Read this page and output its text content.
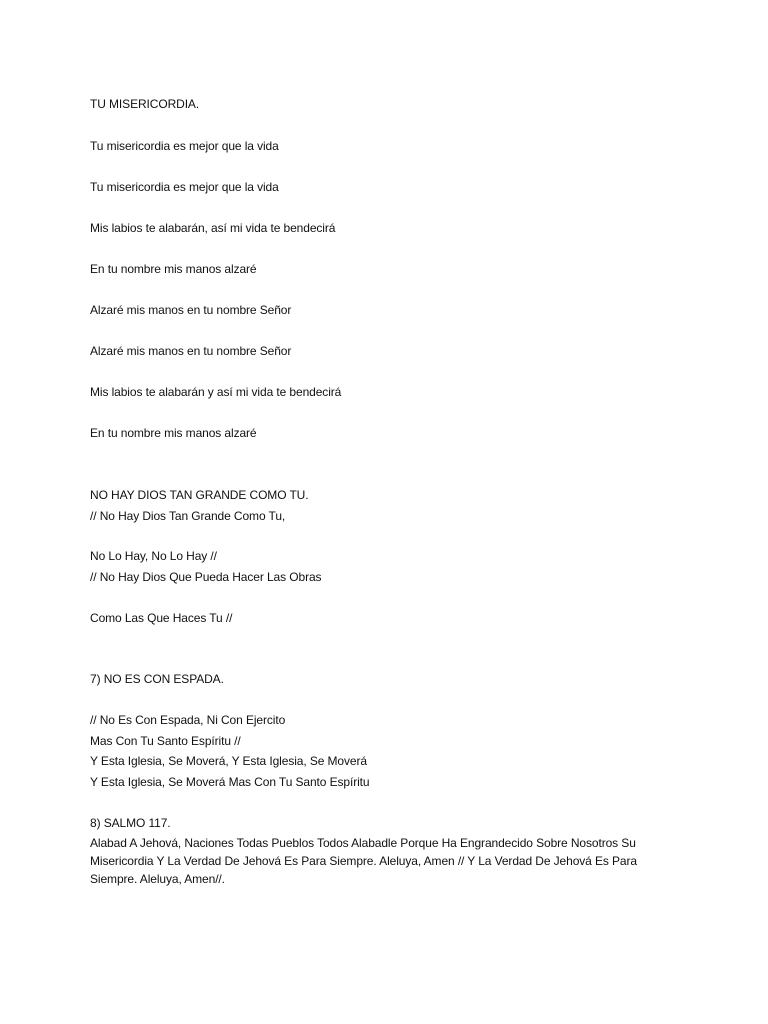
TU MISERICORDIA.
Tu misericordia es mejor que la vida
Tu misericordia es mejor que la vida
Mis labios te alabarán, así mi vida te bendecirá
En tu nombre mis manos alzaré
Alzaré mis manos en tu nombre Señor
Alzaré mis manos en tu nombre Señor
Mis labios te alabarán y así mi vida te bendecirá
En tu nombre mis manos alzaré
NO HAY DIOS TAN GRANDE COMO TU.
// No Hay Dios Tan Grande Como Tu,
No Lo Hay, No Lo Hay //
// No Hay Dios Que Pueda Hacer Las Obras
Como Las Que Haces Tu //
7) NO ES CON ESPADA.
// No Es Con Espada, Ni Con Ejercito
Mas Con Tu Santo Espíritu //
Y Esta Iglesia, Se Moverá, Y Esta Iglesia, Se Moverá
Y Esta Iglesia, Se Moverá Mas Con Tu Santo Espíritu
8) SALMO 117.
Alabad A Jehová, Naciones Todas Pueblos Todos Alabadle Porque Ha Engrandecido Sobre Nosotros Su Misericordia Y La Verdad De Jehová Es Para Siempre. Aleluya, Amen // Y La Verdad De Jehová Es Para Siempre. Aleluya, Amen//.
